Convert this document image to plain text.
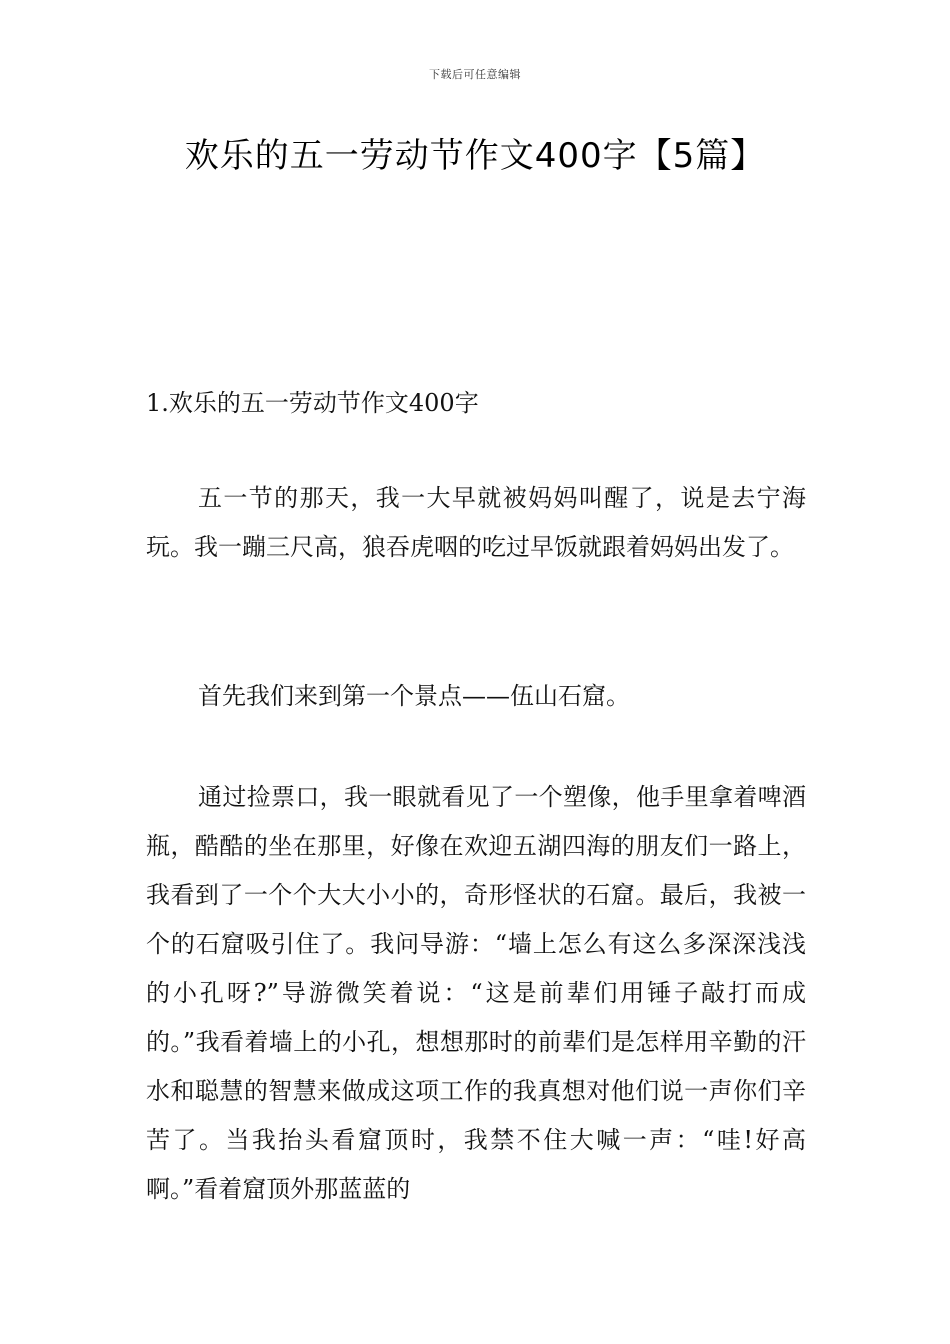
下载后可任意编辑
欢乐的五一劳动节作文400字【5篇】
1.欢乐的五一劳动节作文400字

五一节的那天，我一大早就被妈妈叫醒了，说是去宁海玩。我一蹦三尺高，狼吞虎咽的吃过早饭就跟着妈妈出发了。

首先我们来到第一个景点——伍山石窟。

通过捡票口，我一眼就看见了一个塑像，他手里拿着啤酒瓶，酷酷的坐在那里，好像在欢迎五湖四海的朋友们一路上，我看到了一个个大大小小的，奇形怪状的石窟。最后，我被一个的石窟吸引住了。我问导游：“墙上怎么有这么多深深浅浅的小孔呀?”导游微笑着说：“这是前辈们用锤子敲打而成的。”我看着墙上的小孔，想想那时的前辈们是怎样用辛勤的汗水和聪慧的智慧来做成这项工作的我真想对他们说一声你们辛苦了。当我抬头看窟顶时，我禁不住大喊一声：“哇!好高啊。”看着窟顶外那蓝蓝的
